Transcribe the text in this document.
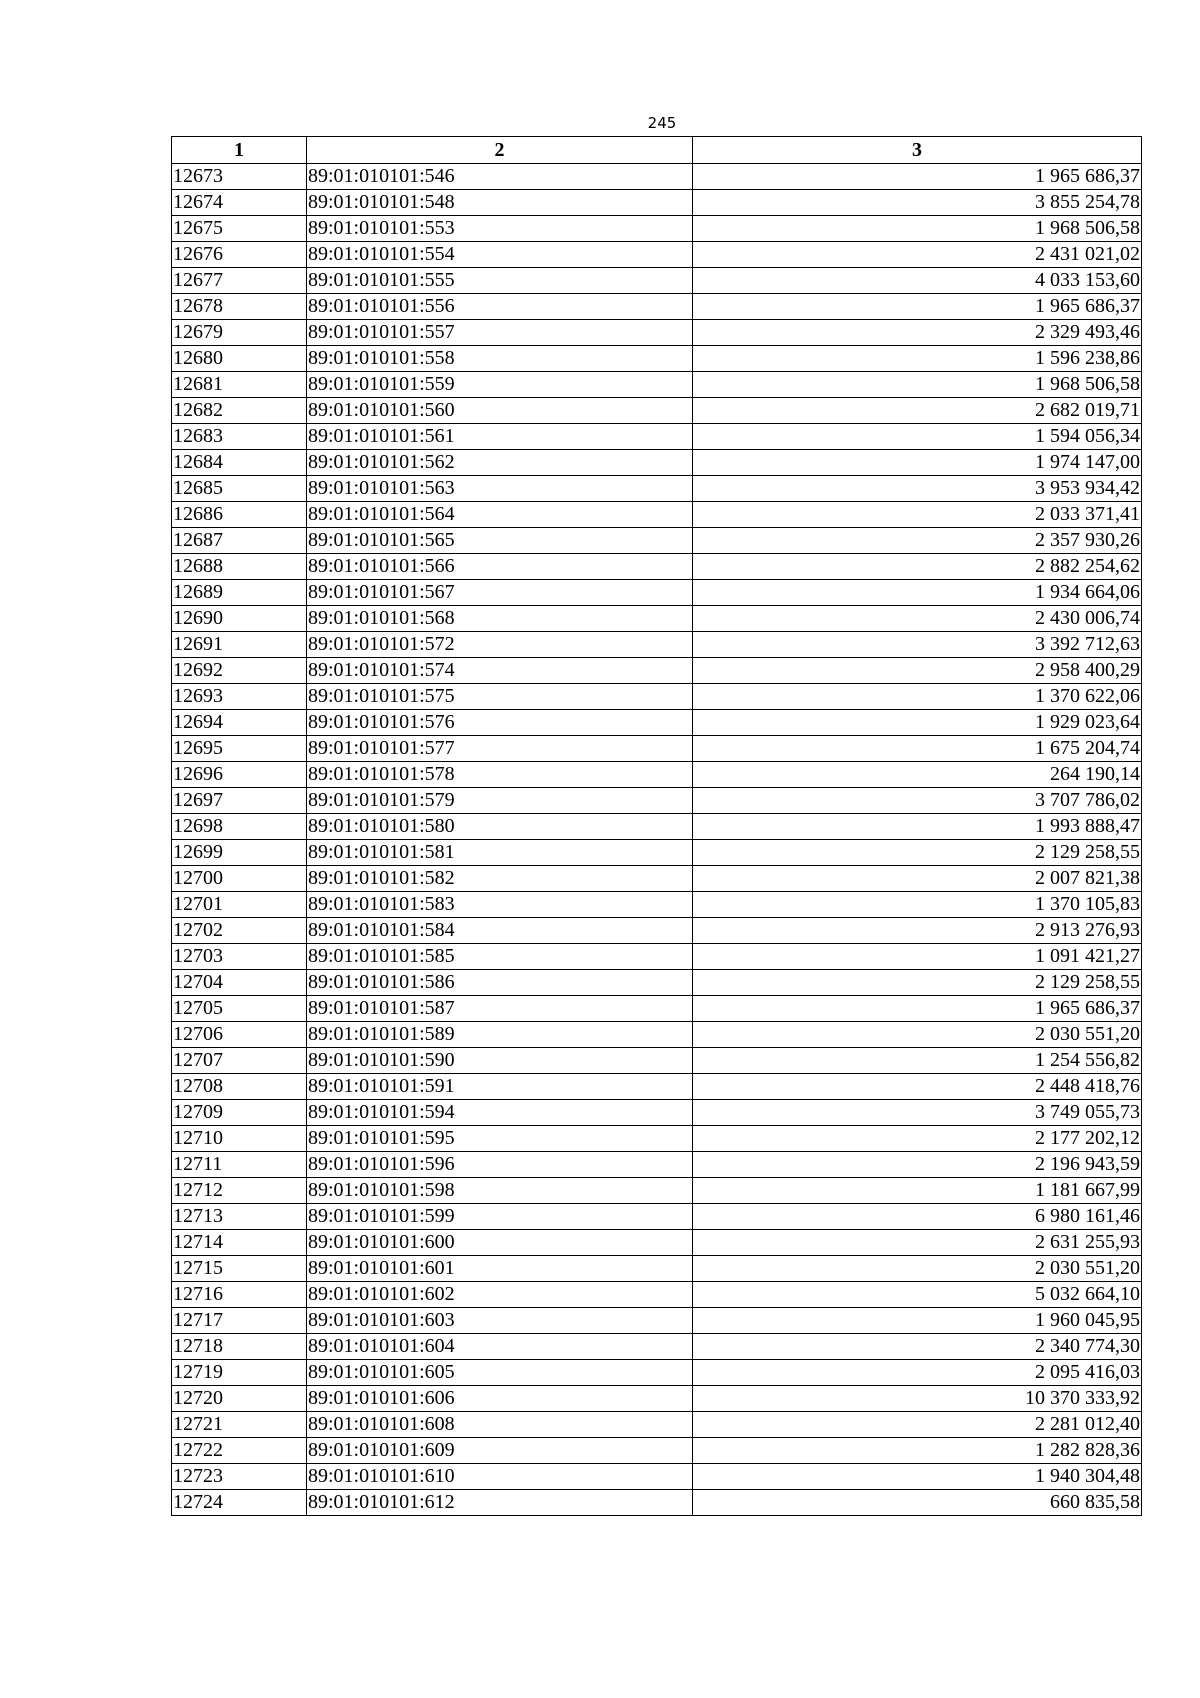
245
1	2	3
12673	89:01:010101:546	1 965 686,37
12674	89:01:010101:548	3 855 254,78
12675	89:01:010101:553	1 968 506,58
12676	89:01:010101:554	2 431 021,02
12677	89:01:010101:555	4 033 153,60
12678	89:01:010101:556	1 965 686,37
12679	89:01:010101:557	2 329 493,46
12680	89:01:010101:558	1 596 238,86
12681	89:01:010101:559	1 968 506,58
12682	89:01:010101:560	2 682 019,71
12683	89:01:010101:561	1 594 056,34
12684	89:01:010101:562	1 974 147,00
12685	89:01:010101:563	3 953 934,42
12686	89:01:010101:564	2 033 371,41
12687	89:01:010101:565	2 357 930,26
12688	89:01:010101:566	2 882 254,62
12689	89:01:010101:567	1 934 664,06
12690	89:01:010101:568	2 430 006,74
12691	89:01:010101:572	3 392 712,63
12692	89:01:010101:574	2 958 400,29
12693	89:01:010101:575	1 370 622,06
12694	89:01:010101:576	1 929 023,64
12695	89:01:010101:577	1 675 204,74
12696	89:01:010101:578	264 190,14
12697	89:01:010101:579	3 707 786,02
12698	89:01:010101:580	1 993 888,47
12699	89:01:010101:581	2 129 258,55
12700	89:01:010101:582	2 007 821,38
12701	89:01:010101:583	1 370 105,83
12702	89:01:010101:584	2 913 276,93
12703	89:01:010101:585	1 091 421,27
12704	89:01:010101:586	2 129 258,55
12705	89:01:010101:587	1 965 686,37
12706	89:01:010101:589	2 030 551,20
12707	89:01:010101:590	1 254 556,82
12708	89:01:010101:591	2 448 418,76
12709	89:01:010101:594	3 749 055,73
12710	89:01:010101:595	2 177 202,12
12711	89:01:010101:596	2 196 943,59
12712	89:01:010101:598	1 181 667,99
12713	89:01:010101:599	6 980 161,46
12714	89:01:010101:600	2 631 255,93
12715	89:01:010101:601	2 030 551,20
12716	89:01:010101:602	5 032 664,10
12717	89:01:010101:603	1 960 045,95
12718	89:01:010101:604	2 340 774,30
12719	89:01:010101:605	2 095 416,03
12720	89:01:010101:606	10 370 333,92
12721	89:01:010101:608	2 281 012,40
12722	89:01:010101:609	1 282 828,36
12723	89:01:010101:610	1 940 304,48
12724	89:01:010101:612	660 835,58
